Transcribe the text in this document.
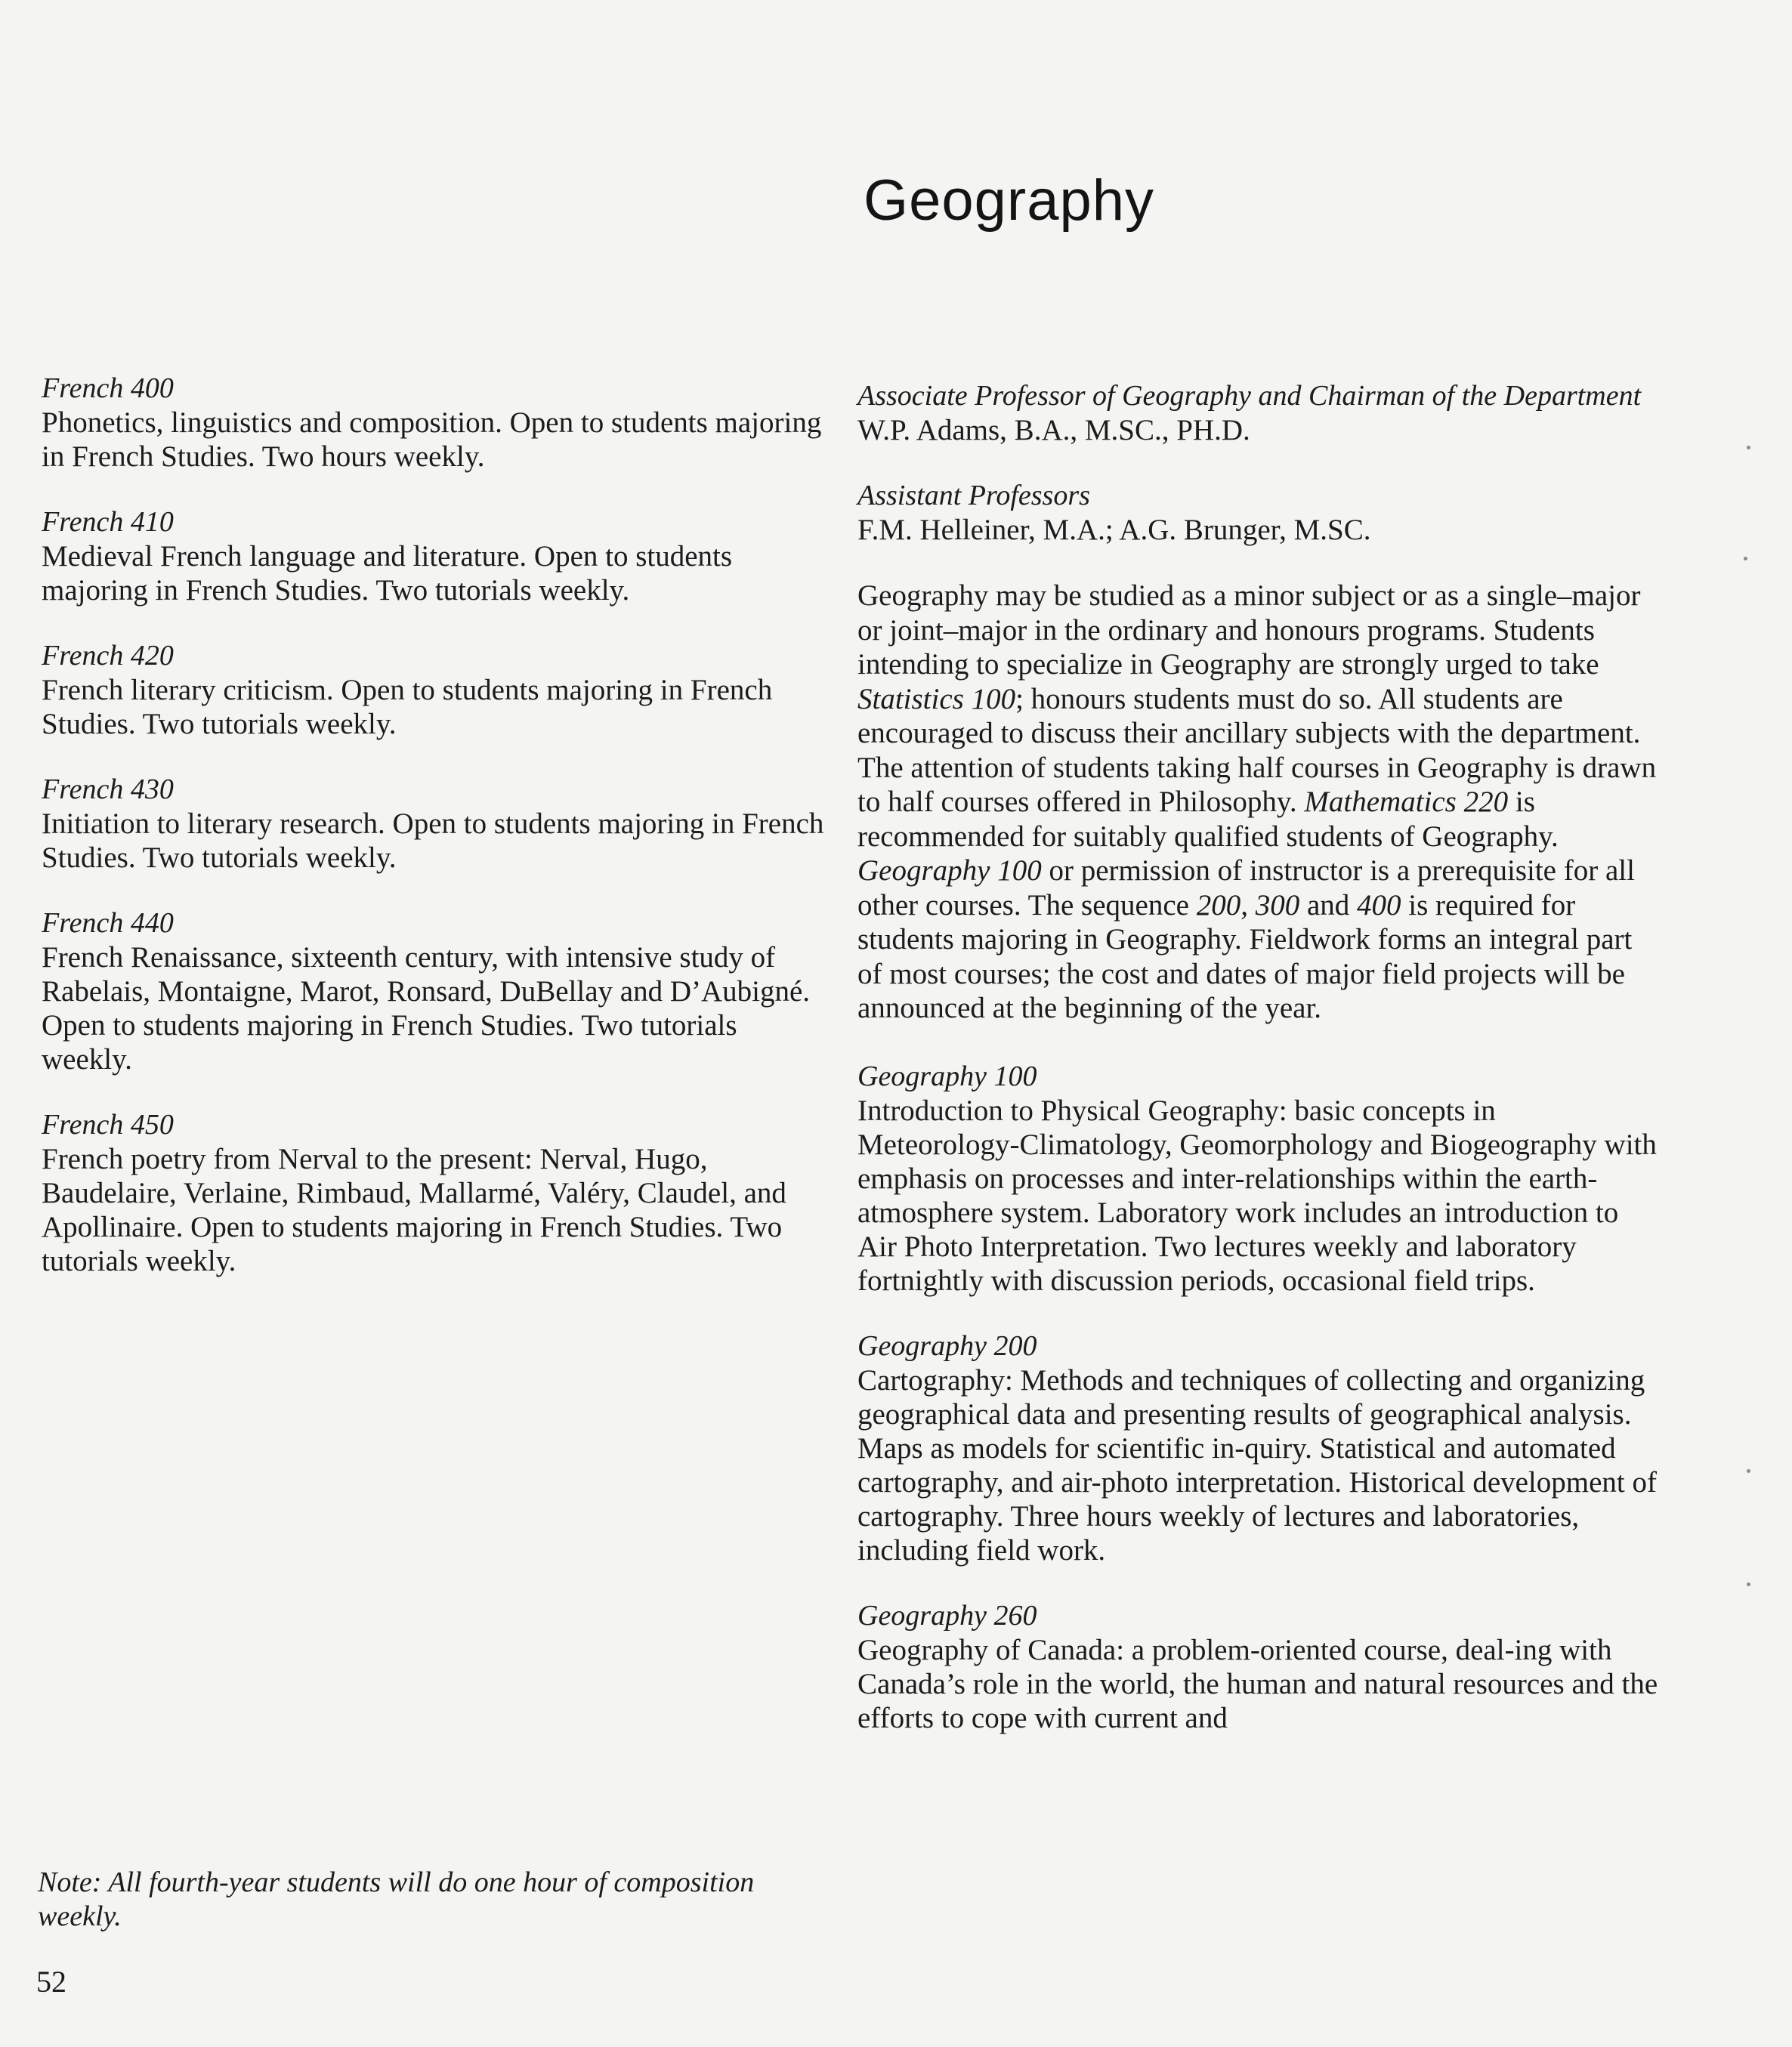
Geography
French 400
Phonetics, linguistics and composition. Open to students majoring in French Studies. Two hours weekly.
French 410
Medieval French language and literature. Open to students majoring in French Studies. Two tutorials weekly.
French 420
French literary criticism. Open to students majoring in French Studies. Two tutorials weekly.
French 430
Initiation to literary research. Open to students majoring in French Studies. Two tutorials weekly.
French 440
French Renaissance, sixteenth century, with intensive study of Rabelais, Montaigne, Marot, Ronsard, DuBellay and D’Aubigné. Open to students majoring in French Studies. Two tutorials weekly.
French 450
French poetry from Nerval to the present: Nerval, Hugo, Baudelaire, Verlaine, Rimbaud, Mallarmé, Valéry, Claudel, and Apollinaire. Open to students majoring in French Studies. Two tutorials weekly.
Note: All fourth-year students will do one hour of composition weekly.
52
Associate Professor of Geography and Chairman of the Department
W.P. Adams, B.A., M.SC., PH.D.
Assistant Professors
F.M. Helleiner, M.A.; A.G. Brunger, M.SC.

Geography may be studied as a minor subject or as a single–major or joint–major in the ordinary and honours programs. Students intending to specialize in Geography are strongly urged to take Statistics 100; honours students must do so. All students are encouraged to discuss their ancillary subjects with the department. The attention of students taking half courses in Geography is drawn to half courses offered in Philosophy. Mathematics 220 is recommended for suitably qualified students of Geography. Geography 100 or permission of instructor is a prerequisite for all other courses. The sequence 200, 300 and 400 is required for students majoring in Geography. Fieldwork forms an integral part of most courses; the cost and dates of major field projects will be announced at the beginning of the year.

Geography 100
Introduction to Physical Geography: basic concepts in Meteorology-Climatology, Geomorphology and Biogeography with emphasis on processes and inter-relationships within the earth-atmosphere system. Laboratory work includes an introduction to Air Photo Interpretation. Two lectures weekly and laboratory fortnightly with discussion periods, occasional field trips.
Geography 200
Cartography: Methods and techniques of collecting and organizing geographical data and presenting results of geographical analysis. Maps as models for scientific in-quiry. Statistical and automated cartography, and air-photo interpretation. Historical development of cartography. Three hours weekly of lectures and laboratories, including field work.
Geography 260
Geography of Canada: a problem-oriented course, deal-ing with Canada’s role in the world, the human and natural resources and the efforts to cope with current and
